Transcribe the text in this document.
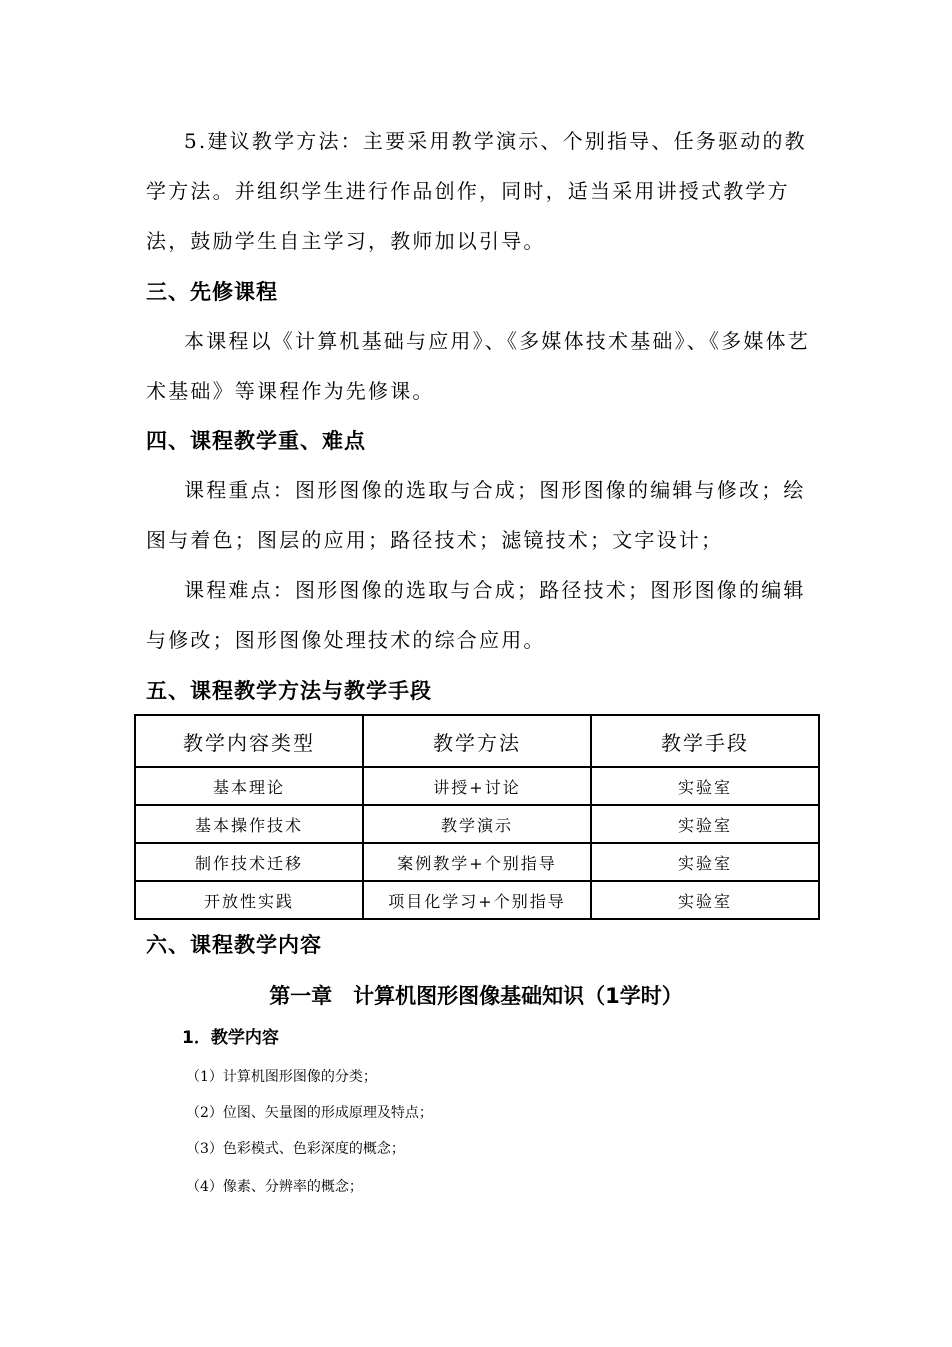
5.建议教学方法：主要采用教学演示、个别指导、任务驱动的教学方法。并组织学生进行作品创作，同时，适当采用讲授式教学方法，鼓励学生自主学习，教师加以引导。

三、先修课程

本课程以《计算机基础与应用》、《多媒体技术基础》、《多媒体艺术基础》等课程作为先修课。

四、课程教学重、难点

课程重点：图形图像的选取与合成；图形图像的编辑与修改；绘图与着色；图层的应用；路径技术；滤镜技术；文字设计；

课程难点：图形图像的选取与合成；路径技术；图形图像的编辑与修改；图形图像处理技术的综合应用。

五、课程教学方法与教学手段
教学内容类型	教学方法	教学手段
基本理论	讲授+讨论	实验室
基本操作技术	教学演示	实验室
制作技术迁移	案例教学+个别指导	实验室
开放性实践	项目化学习+个别指导	实验室
六、课程教学内容
第一章　计算机图形图像基础知识（1学时）
1．教学内容

（1）计算机图形图像的分类；

（2）位图、矢量图的形成原理及特点；

（3）色彩模式、色彩深度的概念；

（4）像素、分辨率的概念；
